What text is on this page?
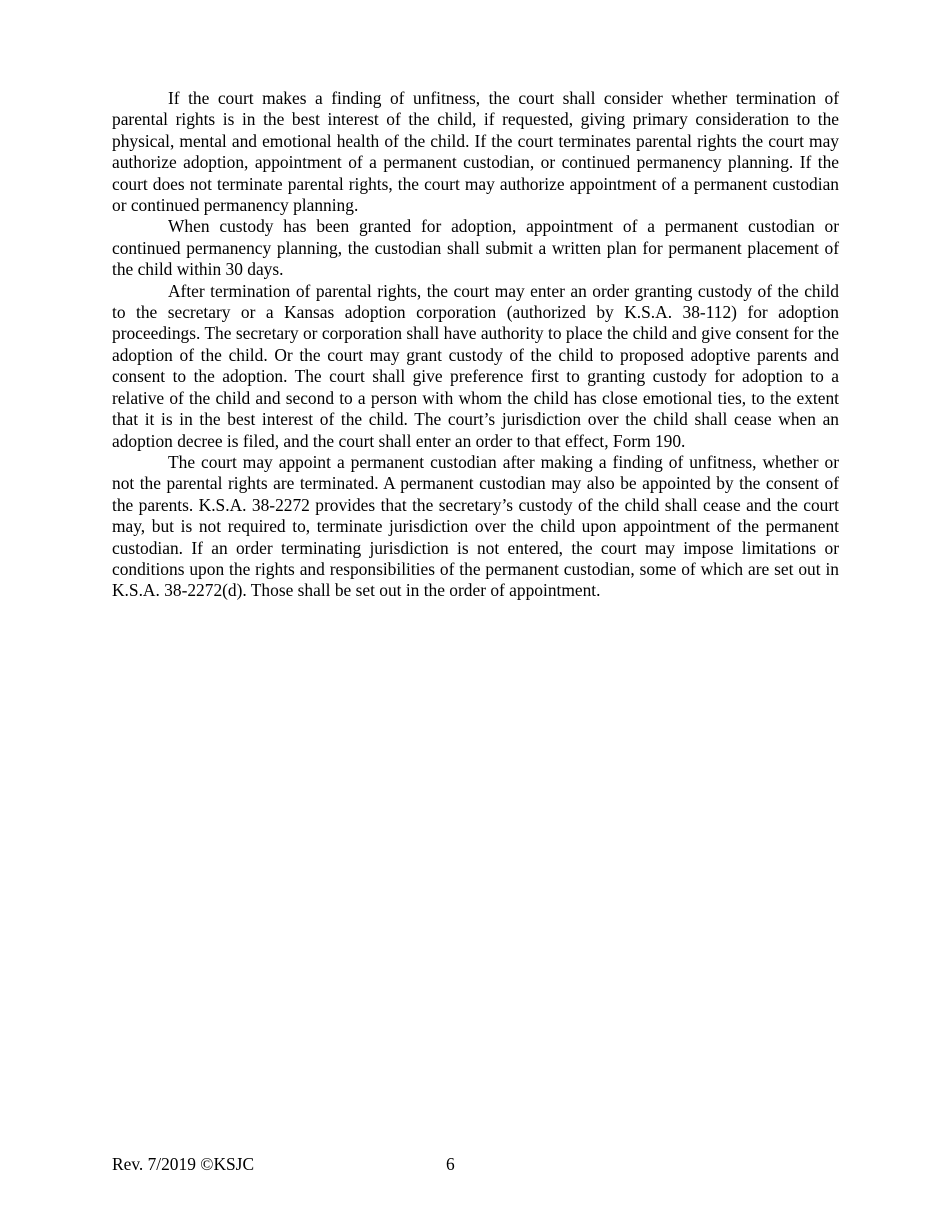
If the court makes a finding of unfitness, the court shall consider whether termination of parental rights is in the best interest of the child, if requested, giving primary consideration to the physical, mental and emotional health of the child. If the court terminates parental rights the court may authorize adoption, appointment of a permanent custodian, or continued permanency planning. If the court does not terminate parental rights, the court may authorize appointment of a permanent custodian or continued permanency planning.

When custody has been granted for adoption, appointment of a permanent custodian or continued permanency planning, the custodian shall submit a written plan for permanent placement of the child within 30 days.

After termination of parental rights, the court may enter an order granting custody of the child to the secretary or a Kansas adoption corporation (authorized by K.S.A. 38-112) for adoption proceedings. The secretary or corporation shall have authority to place the child and give consent for the adoption of the child. Or the court may grant custody of the child to proposed adoptive parents and consent to the adoption. The court shall give preference first to granting custody for adoption to a relative of the child and second to a person with whom the child has close emotional ties, to the extent that it is in the best interest of the child. The court’s jurisdiction over the child shall cease when an adoption decree is filed, and the court shall enter an order to that effect, Form 190.

The court may appoint a permanent custodian after making a finding of unfitness, whether or not the parental rights are terminated. A permanent custodian may also be appointed by the consent of the parents. K.S.A. 38-2272 provides that the secretary’s custody of the child shall cease and the court may, but is not required to, terminate jurisdiction over the child upon appointment of the permanent custodian. If an order terminating jurisdiction is not entered, the court may impose limitations or conditions upon the rights and responsibilities of the permanent custodian, some of which are set out in K.S.A. 38-2272(d). Those shall be set out in the order of appointment.

Rev. 7/2019 ©KSJC	6
